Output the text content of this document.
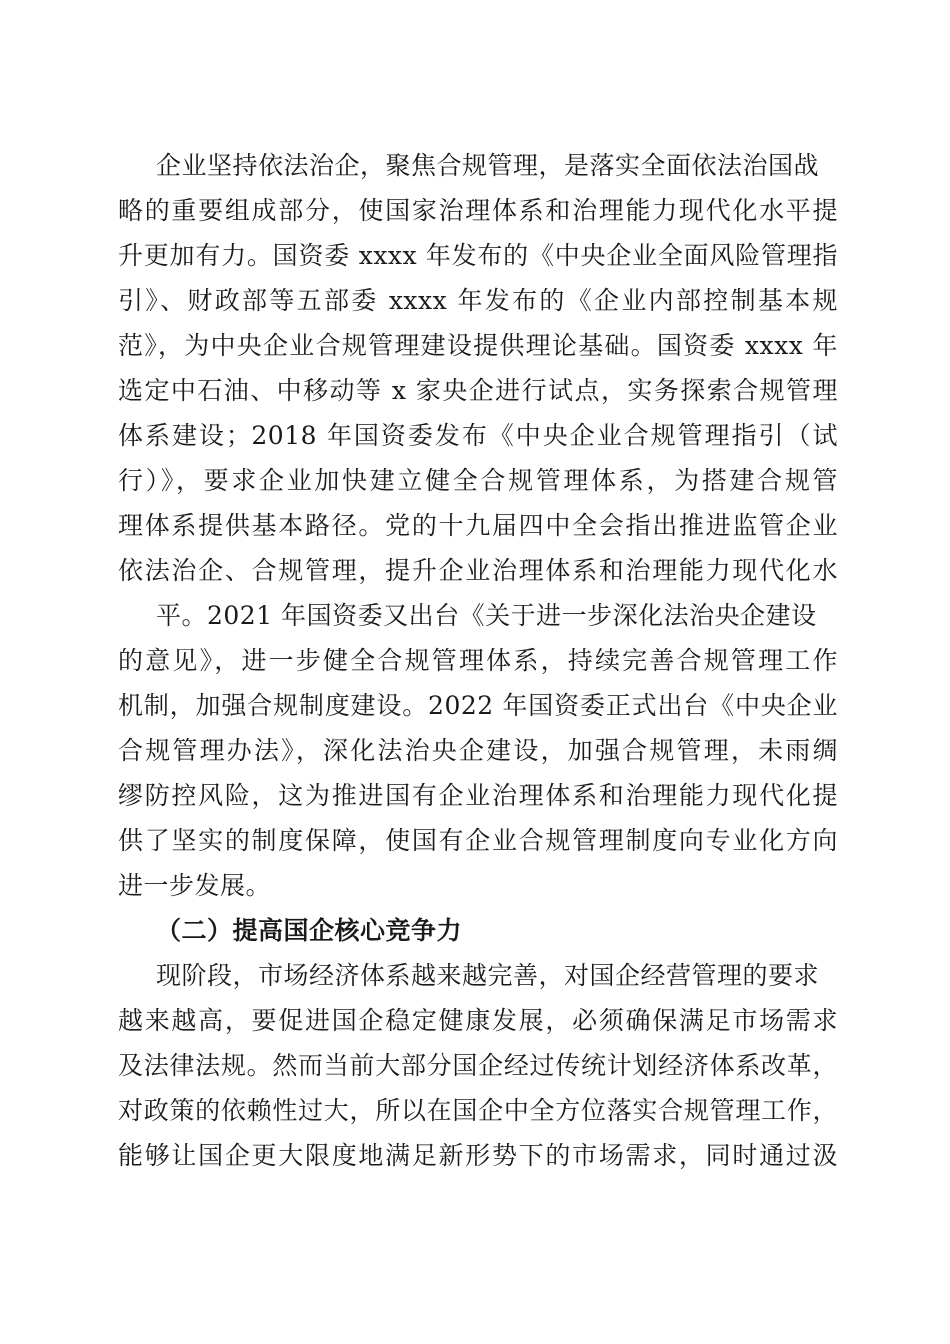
企业坚持依法治企，聚焦合规管理，是落实全面依法治国战
略的重要组成部分，使国家治理体系和治理能力现代化水平提
升更加有力。国资委 xxxx 年发布的《中央企业全面风险管理指
引》、财政部等五部委 xxxx 年发布的《企业内部控制基本规
范》，为中央企业合规管理建设提供理论基础。国资委 xxxx 年
选定中石油、中移动等 x 家央企进行试点，实务探索合规管理
体系建设；2018 年国资委发布《中央企业合规管理指引（试
行）》，要求企业加快建立健全合规管理体系，为搭建合规管
理体系提供基本路径。党的十九届四中全会指出推进监管企业
依法治企、合规管理，提升企业治理体系和治理能力现代化水
平。2021 年国资委又出台《关于进一步深化法治央企建设
的意见》，进一步健全合规管理体系，持续完善合规管理工作
机制，加强合规制度建设。2022 年国资委正式出台《中央企业
合规管理办法》，深化法治央企建设，加强合规管理，未雨绸
缪防控风险，这为推进国有企业治理体系和治理能力现代化提
供了坚实的制度保障，使国有企业合规管理制度向专业化方向
进一步发展。
（二）提高国企核心竞争力
现阶段，市场经济体系越来越完善，对国企经营管理的要求
越来越高，要促进国企稳定健康发展，必须确保满足市场需求
及法律法规。然而当前大部分国企经过传统计划经济体系改革，
对政策的依赖性过大，所以在国企中全方位落实合规管理工作，
能够让国企更大限度地满足新形势下的市场需求，同时通过汲
